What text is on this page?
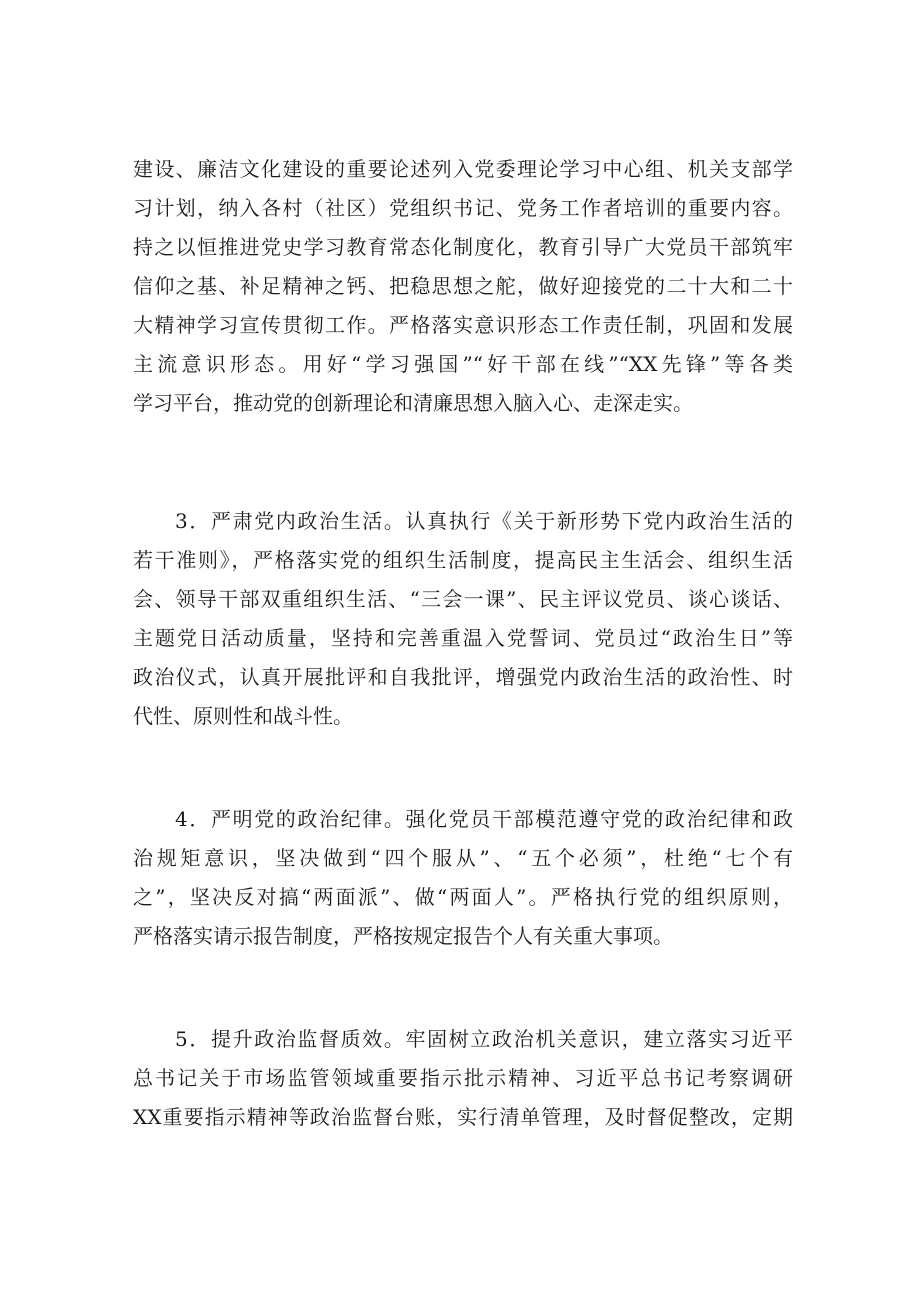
建设、廉洁文化建设的重要论述列入党委理论学习中心组、机关支部学
习计划，纳入各村（社区）党组织书记、党务工作者培训的重要内容。
持之以恒推进党史学习教育常态化制度化，教育引导广大党员干部筑牢
信仰之基、补足精神之钙、把稳思想之舵，做好迎接党的二十大和二十
大精神学习宣传贯彻工作。严格落实意识形态工作责任制，巩固和发展
主流意识形态。用好“学习强国”“好干部在线”“XX先锋”等各类
学习平台，推动党的创新理论和清廉思想入脑入心、走深走实。
3．严肃党内政治生活。认真执行《关于新形势下党内政治生活的
若干准则》，严格落实党的组织生活制度，提高民主生活会、组织生活
会、领导干部双重组织生活、“三会一课”、民主评议党员、谈心谈话、
主题党日活动质量，坚持和完善重温入党誓词、党员过“政治生日”等
政治仪式，认真开展批评和自我批评，增强党内政治生活的政治性、时
代性、原则性和战斗性。
4．严明党的政治纪律。强化党员干部模范遵守党的政治纪律和政
治规矩意识，坚决做到“四个服从”、“五个必须”，杜绝“七个有
之”，坚决反对搞“两面派”、做“两面人”。严格执行党的组织原则，
严格落实请示报告制度，严格按规定报告个人有关重大事项。
5．提升政治监督质效。牢固树立政治机关意识，建立落实习近平
总书记关于市场监管领域重要指示批示精神、习近平总书记考察调研
XX重要指示精神等政治监督台账，实行清单管理，及时督促整改，定期
